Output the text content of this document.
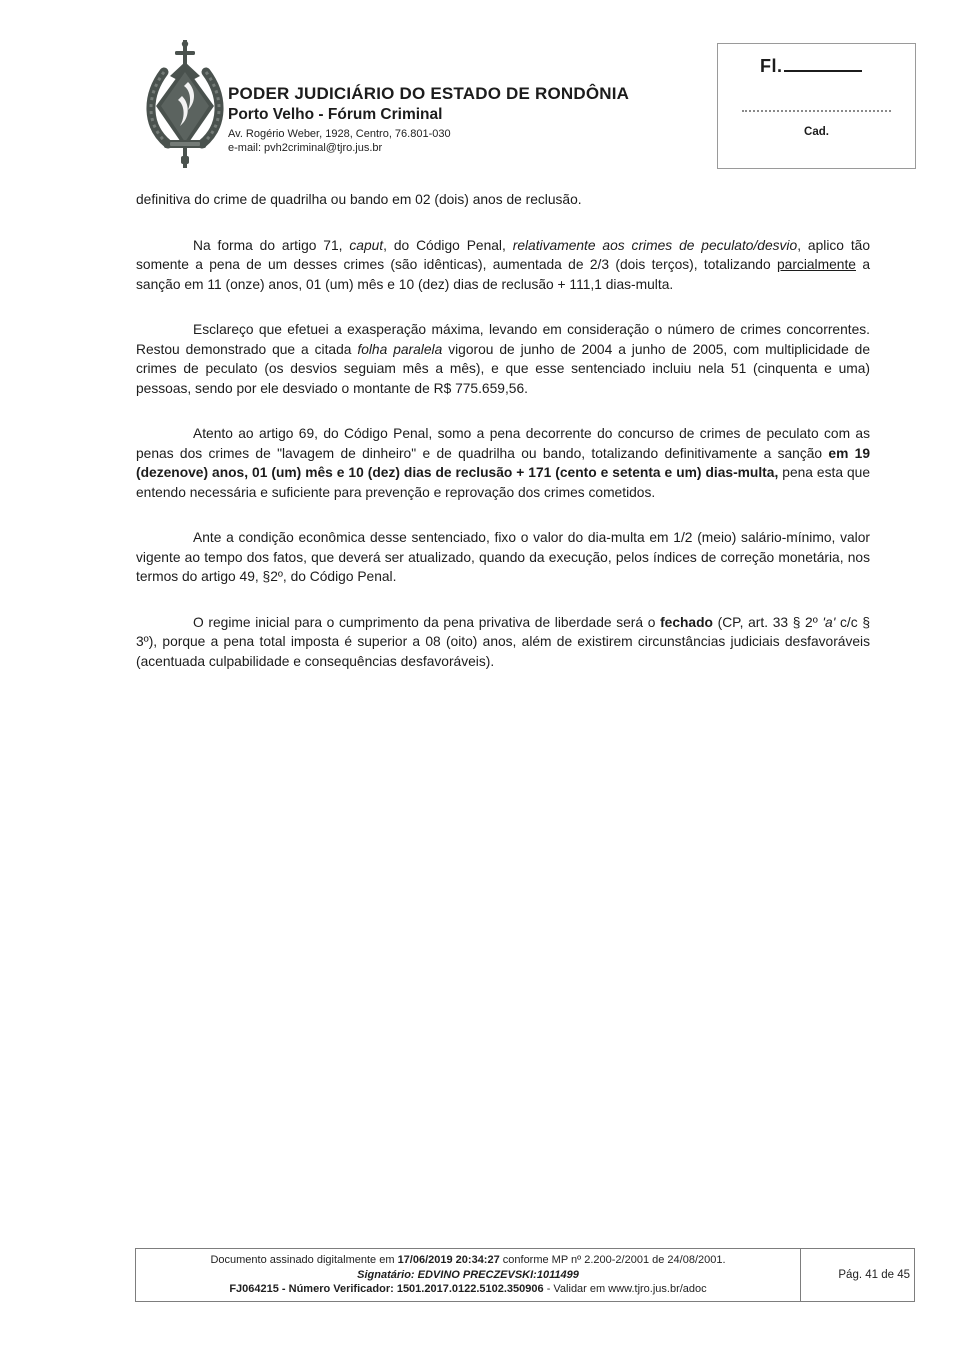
PODER JUDICIÁRIO DO ESTADO DE RONDÔNIA
Porto Velho - Fórum Criminal
Av. Rogério Weber, 1928, Centro, 76.801-030
e-mail: pvh2criminal@tjro.jus.br
Fl.
Cad.

definitiva do crime de quadrilha ou bando em 02 (dois) anos de reclusão.

Na forma do artigo 71, caput, do Código Penal, relativamente aos crimes de peculato/desvio, aplico tão somente a pena de um desses crimes (são idênticas), aumentada de 2/3 (dois terços), totalizando parcialmente a sanção em 11 (onze) anos, 01 (um) mês e 10 (dez) dias de reclusão + 111,1 dias-multa.

Esclareço que efetuei a exasperação máxima, levando em consideração o número de crimes concorrentes. Restou demonstrado que a citada folha paralela vigorou de junho de 2004 a junho de 2005, com multiplicidade de crimes de peculato (os desvios seguiam mês a mês), e que esse sentenciado incluiu nela 51 (cinquenta e uma) pessoas, sendo por ele desviado o montante de R$ 775.659,56.

Atento ao artigo 69, do Código Penal, somo a pena decorrente do concurso de crimes de peculato com as penas dos crimes de "lavagem de dinheiro" e de quadrilha ou bando, totalizando definitivamente a sanção em 19 (dezenove) anos, 01 (um) mês e 10 (dez) dias de reclusão + 171 (cento e setenta e um) dias-multa, pena esta que entendo necessária e suficiente para prevenção e reprovação dos crimes cometidos.

Ante a condição econômica desse sentenciado, fixo o valor do dia-multa em 1/2 (meio) salário-mínimo, valor vigente ao tempo dos fatos, que deverá ser atualizado, quando da execução, pelos índices de correção monetária, nos termos do artigo 49, §2º, do Código Penal.

O regime inicial para o cumprimento da pena privativa de liberdade será o fechado (CP, art. 33 § 2º 'a' c/c § 3º), porque a pena total imposta é superior a 08 (oito) anos, além de existirem circunstâncias judiciais desfavoráveis (acentuada culpabilidade e consequências desfavoráveis).

Documento assinado digitalmente em 17/06/2019 20:34:27 conforme MP nº 2.200-2/2001 de 24/08/2001.
Signatário: EDVINO PRECZEVSKI:1011499
FJ064215 - Número Verificador: 1501.2017.0122.5102.350906 - Validar em www.tjro.jus.br/adoc
Pág. 41 de 45
